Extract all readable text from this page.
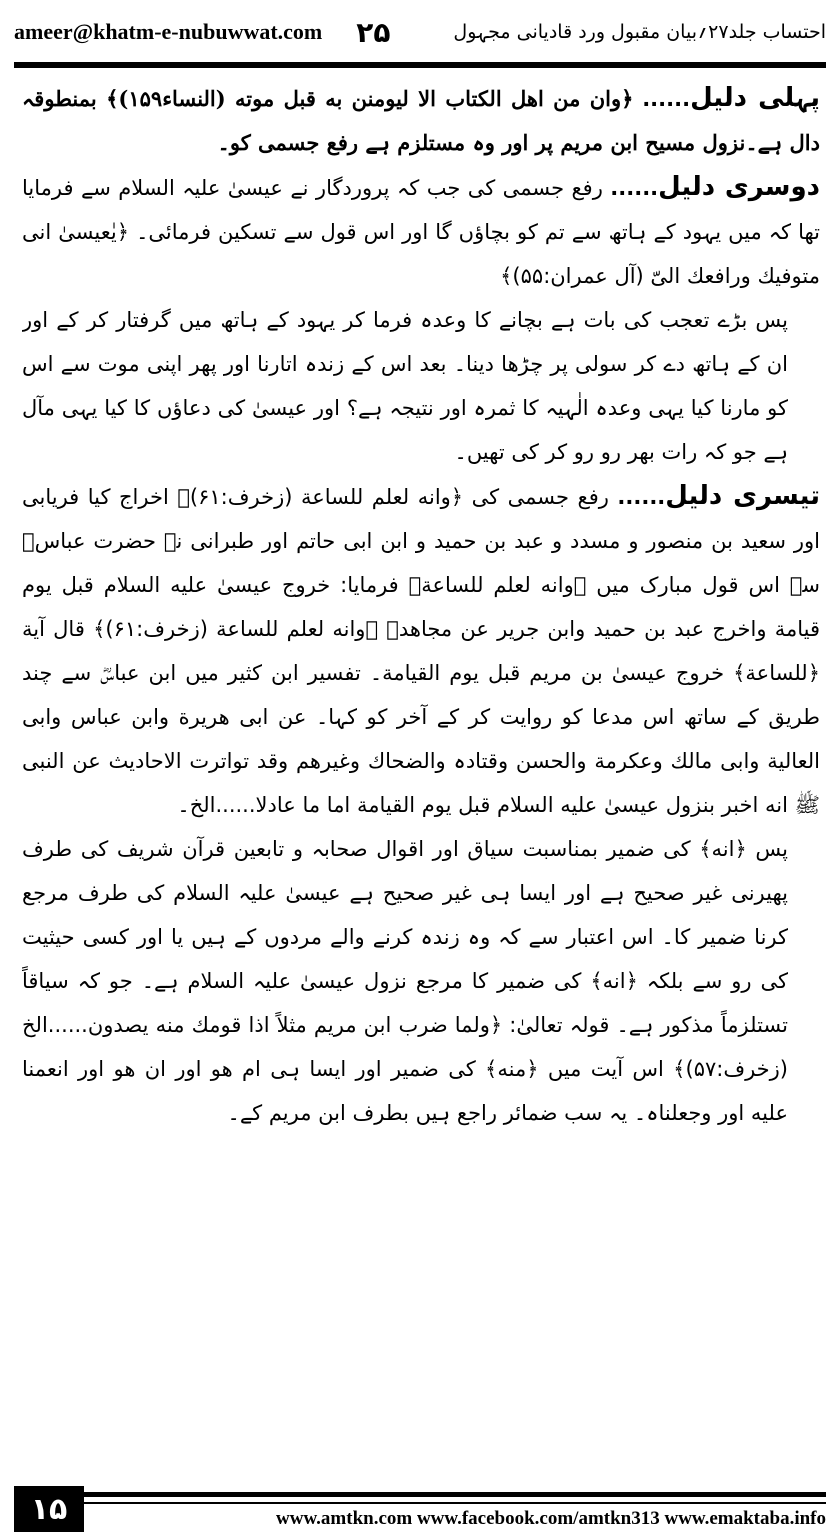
ameer@khatm-e-nubuwwat.com ۲۵	احتساب جلد۲۷؍بیان مقبول ورد قادیانی مجہول

پہلی دلیل...... ﴿وان من اهل الکتاب الا لیومنن به قبل موته (النساء۱۵۹)﴾ بمنطوقہ دال ہے۔نزول مسیح ابن مریم پر اور وہ مستلزم ہے رفع جسمی کو۔

دوسری دلیل...... رفع جسمی کی جب کہ پروردگار نے عیسیٰ علیہ السلام سے فرمایا تھا کہ میں یہود کے ہاتھ سے تم کو بچاؤں گا اور اس قول سے تسکین فرمائی۔ ﴿یٰعیسیٰ انی متوفیك ورافعك الیّ (آل عمران:۵۵)﴾

پس بڑے تعجب کی بات ہے بچانے کا وعدہ فرما کر یہود کے ہاتھ میں گرفتار کر کے اور ان کے ہاتھ دے کر سولی پر چڑھا دینا۔ بعد اس کے زندہ اتارنا اور پھر اپنی موت سے اس کو مارنا کیا یہی وعدہ الٰہیہ کا ثمرہ اور نتیجہ ہے؟ اور عیسیٰ کی دعاؤں کا کیا یہی مآل ہے جو کہ رات بھر رو رو کر کی تھیں۔

تیسری دلیل...... رفع جسمی کی ﴿وانه لعلم للساعة (زخرف:۶۱)﴾ اخراج کیا فریابی اور سعید بن منصور و مسدد و عبد بن حمید و ابن ابی حاتم اور طبرانی نے حضرت عباسؓ سے اس قول مبارک میں ﴿وانه لعلم للساعة﴾ فرمایا: خروج عیسیٰ علیه السلام قبل یوم قیامة واخرج عبد بن حمید وابن جریر عن مجاهدؒ ﴿وانه لعلم للساعة (زخرف:۶۱)﴾ قال آیة ﴿للساعة﴾ خروج عیسیٰ بن مریم قبل یوم القیامة۔ تفسیر ابن کثیر میں ابن عباسؓ سے چند طریق کے ساتھ اس مدعا کو روایت کر کے آخر کو کہا۔ عن ابی هریرة وابن عباس وابی العالیة وابی مالك وعکرمة والحسن وقتادہ والضحاك وغیرهم وقد تواترت الاحادیث عن النبی ﷺ انه اخبر بنزول عیسیٰ علیه السلام قبل یوم القیامة اما ما عادلا......الخ۔

پس ﴿انه﴾ کی ضمیر بمناسبت سیاق اور اقوال صحابہ و تابعین قرآن شریف کی طرف پھیرنی غیر صحیح ہے اور ایسا ہی غیر صحیح ہے عیسیٰ علیہ السلام کی طرف مرجع کرنا ضمیر کا۔ اس اعتبار سے کہ وہ زندہ کرنے والے مردوں کے ہیں یا اور کسی حیثیت کی رو سے بلکہ ﴿انه﴾ کی ضمیر کا مرجع نزول عیسیٰ علیہ السلام ہے۔ جو کہ سیاقاً تستلزماً مذکور ہے۔ قولہ تعالیٰ: ﴿ولما ضرب ابن مریم مثلاً اذا قومك منه یصدون......الخ (زخرف:۵۷)﴾ اس آیت میں ﴿منه﴾ کی ضمیر اور ایسا ہی ام هو اور ان هو اور انعمنا علیه اور وجعلناہ۔ یہ سب ضمائر راجع ہیں بطرف ابن مریم کے۔

۱۵	www.amtkn.com www.facebook.com/amtkn313 www.emaktaba.info
